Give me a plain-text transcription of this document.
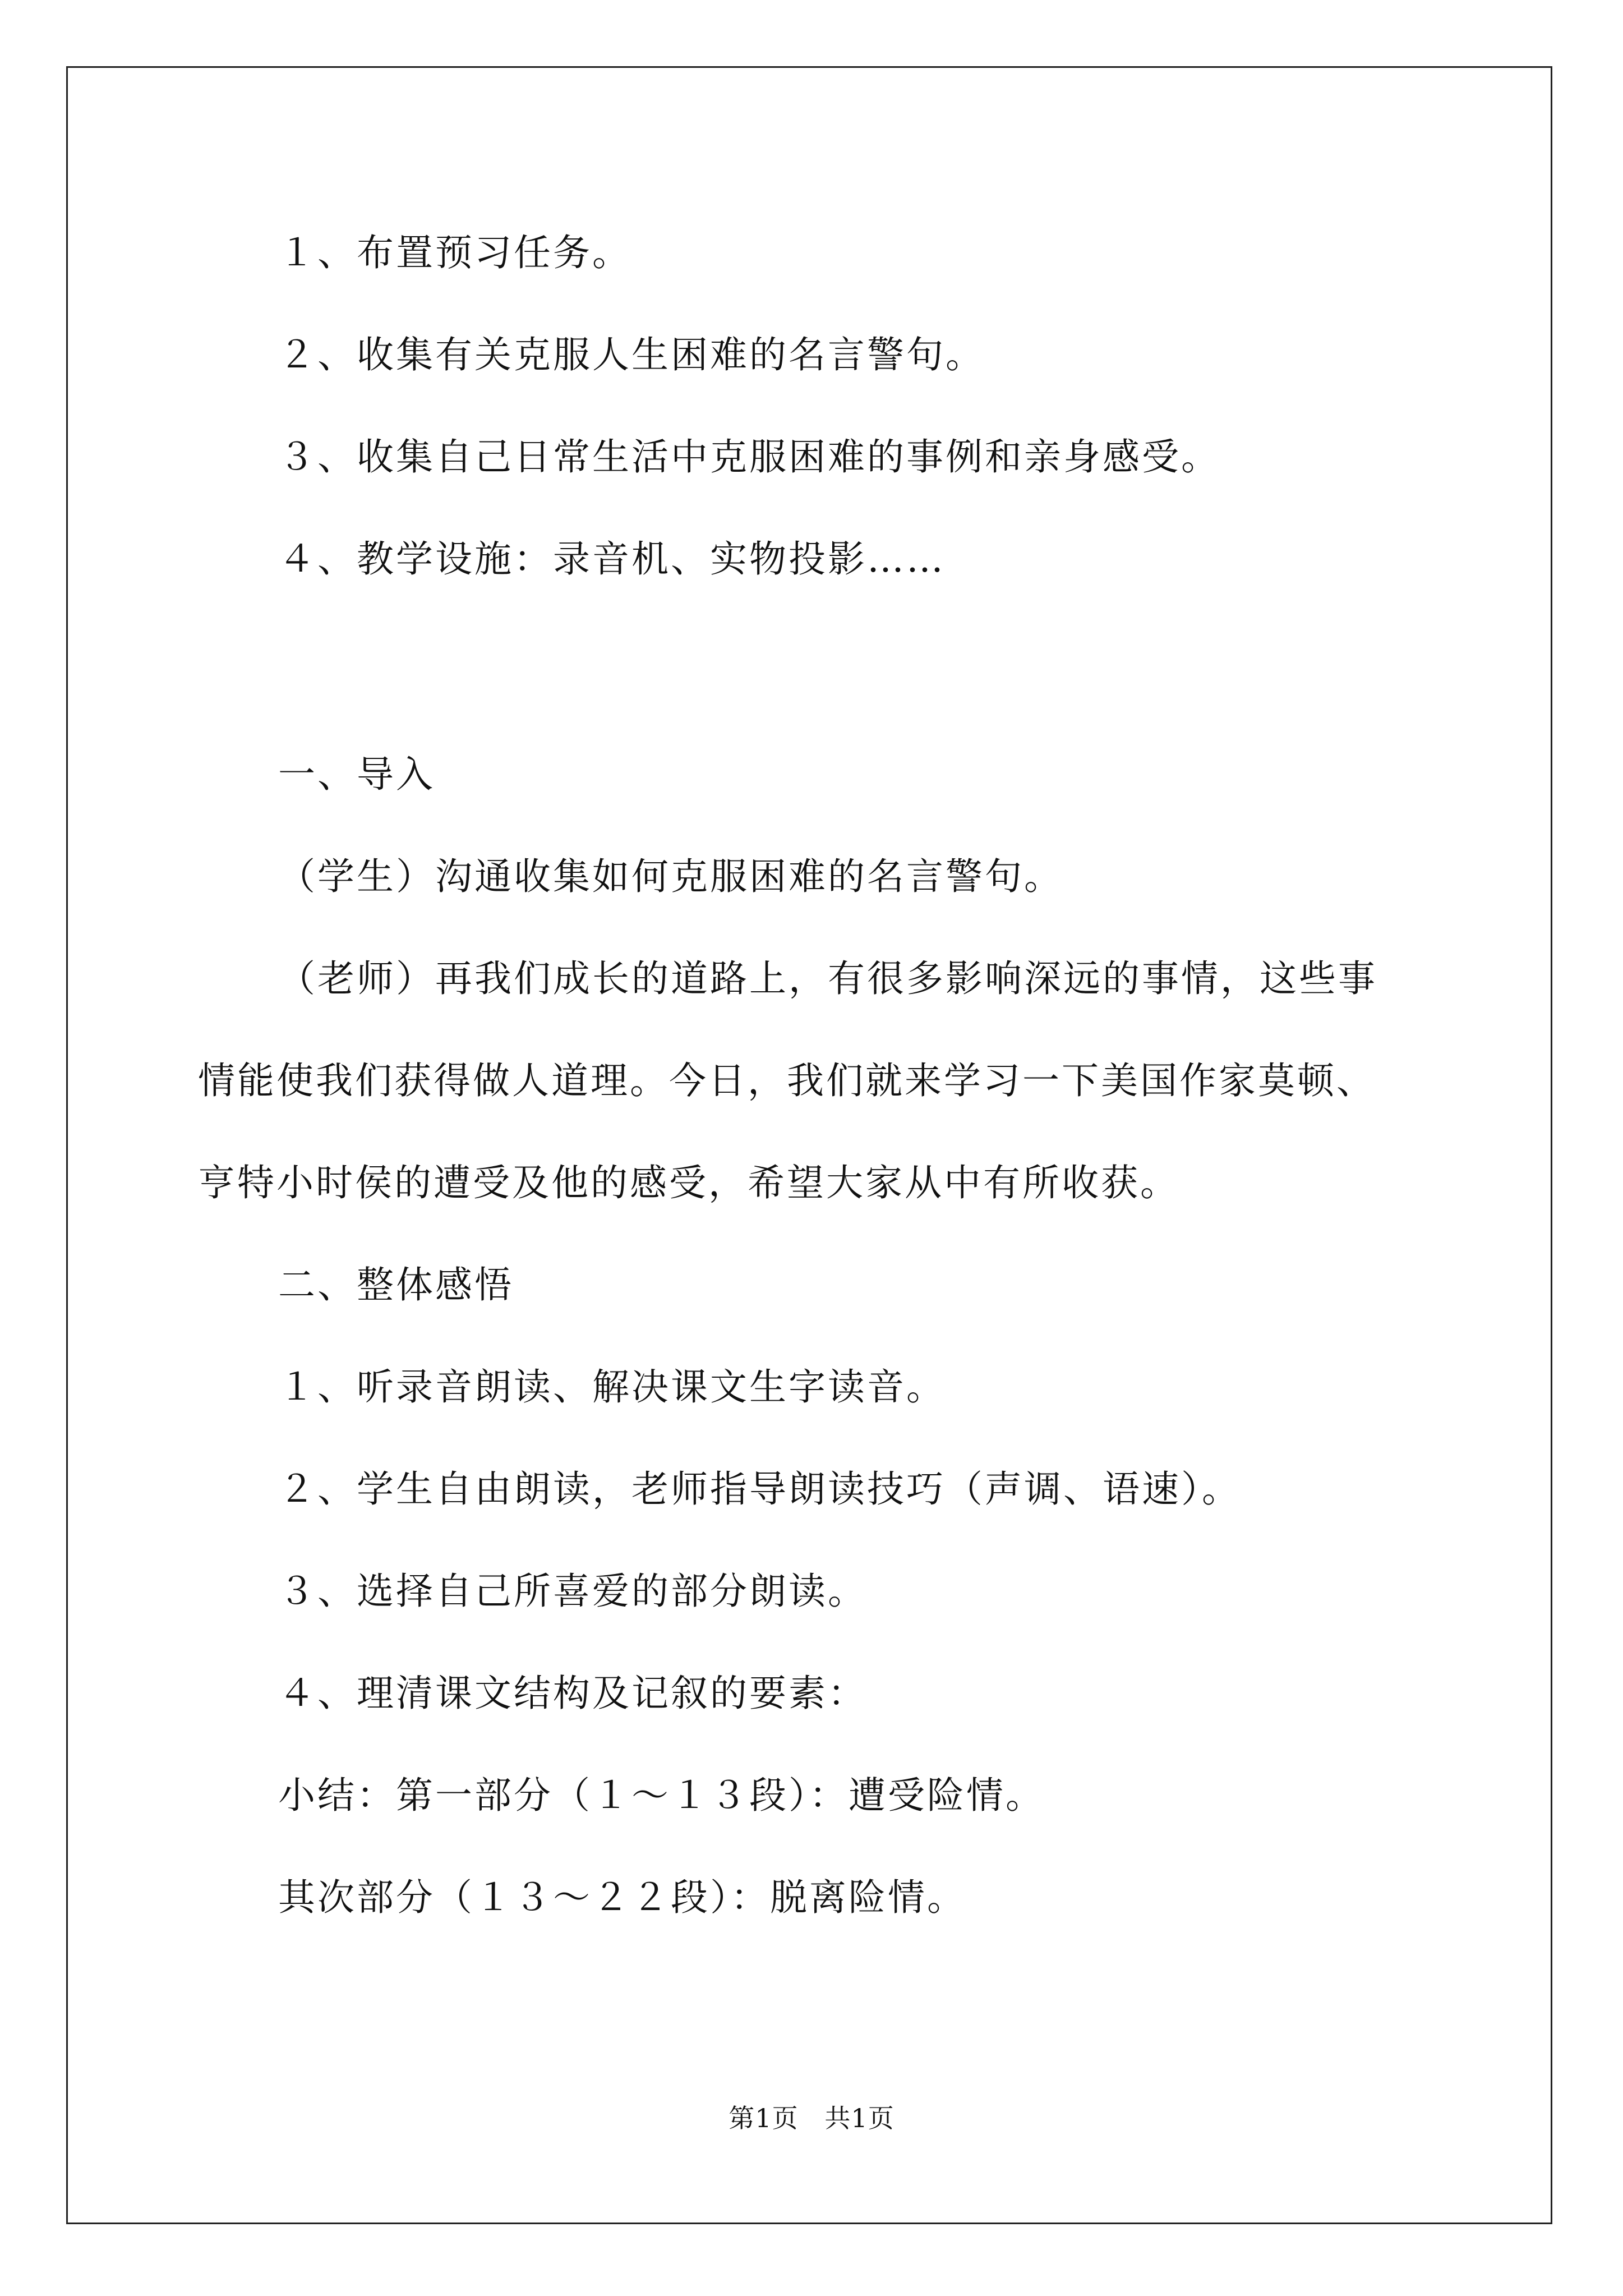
１、布置预习任务。
２、收集有关克服人生困难的名言警句。
３、收集自己日常生活中克服困难的事例和亲身感受。
４、教学设施：录音机、实物投影……
一、导入
（学生）沟通收集如何克服困难的名言警句。
（老师）再我们成长的道路上，有很多影响深远的事情，这些事
情能使我们获得做人道理。今日，我们就来学习一下美国作家莫顿、
亨特小时侯的遭受及他的感受，希望大家从中有所收获。
二、整体感悟
１、听录音朗读、解决课文生字读音。
２、学生自由朗读，老师指导朗读技巧（声调、语速）。
３、选择自己所喜爱的部分朗读。
４、理清课文结构及记叙的要素：
小结：第一部分（１～１３段）：遭受险情。
其次部分（１３～２２段）：脱离险情。
第1页   共1页
